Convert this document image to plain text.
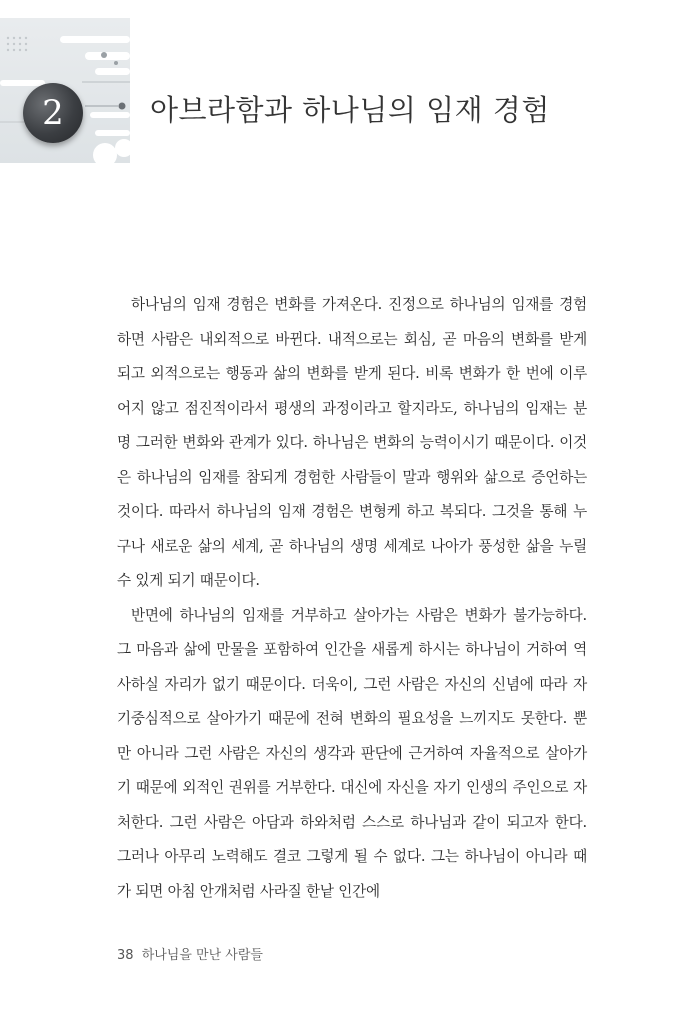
2	아브라함과 하나님의 임재 경험

하나님의 임재 경험은 변화를 가져온다. 진정으로 하나님의 임재를 경험하면 사람은 내외적으로 바뀐다. 내적으로는 회심, 곧 마음의 변화를 받게 되고 외적으로는 행동과 삶의 변화를 받게 된다. 비록 변화가 한 번에 이루어지 않고 점진적이라서 평생의 과정이라고 할지라도, 하나님의 임재는 분명 그러한 변화와 관계가 있다. 하나님은 변화의 능력이시기 때문이다. 이것은 하나님의 임재를 참되게 경험한 사람들이 말과 행위와 삶으로 증언하는 것이다. 따라서 하나님의 임재 경험은 변형케 하고 복되다. 그것을 통해 누구나 새로운 삶의 세계, 곧 하나님의 생명 세계로 나아가 풍성한 삶을 누릴 수 있게 되기 때문이다.

반면에 하나님의 임재를 거부하고 살아가는 사람은 변화가 불가능하다. 그 마음과 삶에 만물을 포함하여 인간을 새롭게 하시는 하나님이 거하여 역사하실 자리가 없기 때문이다. 더욱이, 그런 사람은 자신의 신념에 따라 자기중심적으로 살아가기 때문에 전혀 변화의 필요성을 느끼지도 못한다. 뿐만 아니라 그런 사람은 자신의 생각과 판단에 근거하여 자율적으로 살아가기 때문에 외적인 권위를 거부한다. 대신에 자신을 자기 인생의 주인으로 자처한다. 그런 사람은 아담과 하와처럼 스스로 하나님과 같이 되고자 한다. 그러나 아무리 노력해도 결코 그렇게 될 수 없다. 그는 하나님이 아니라 때가 되면 아침 안개처럼 사라질 한낱 인간에

38 하나님을 만난 사람들
